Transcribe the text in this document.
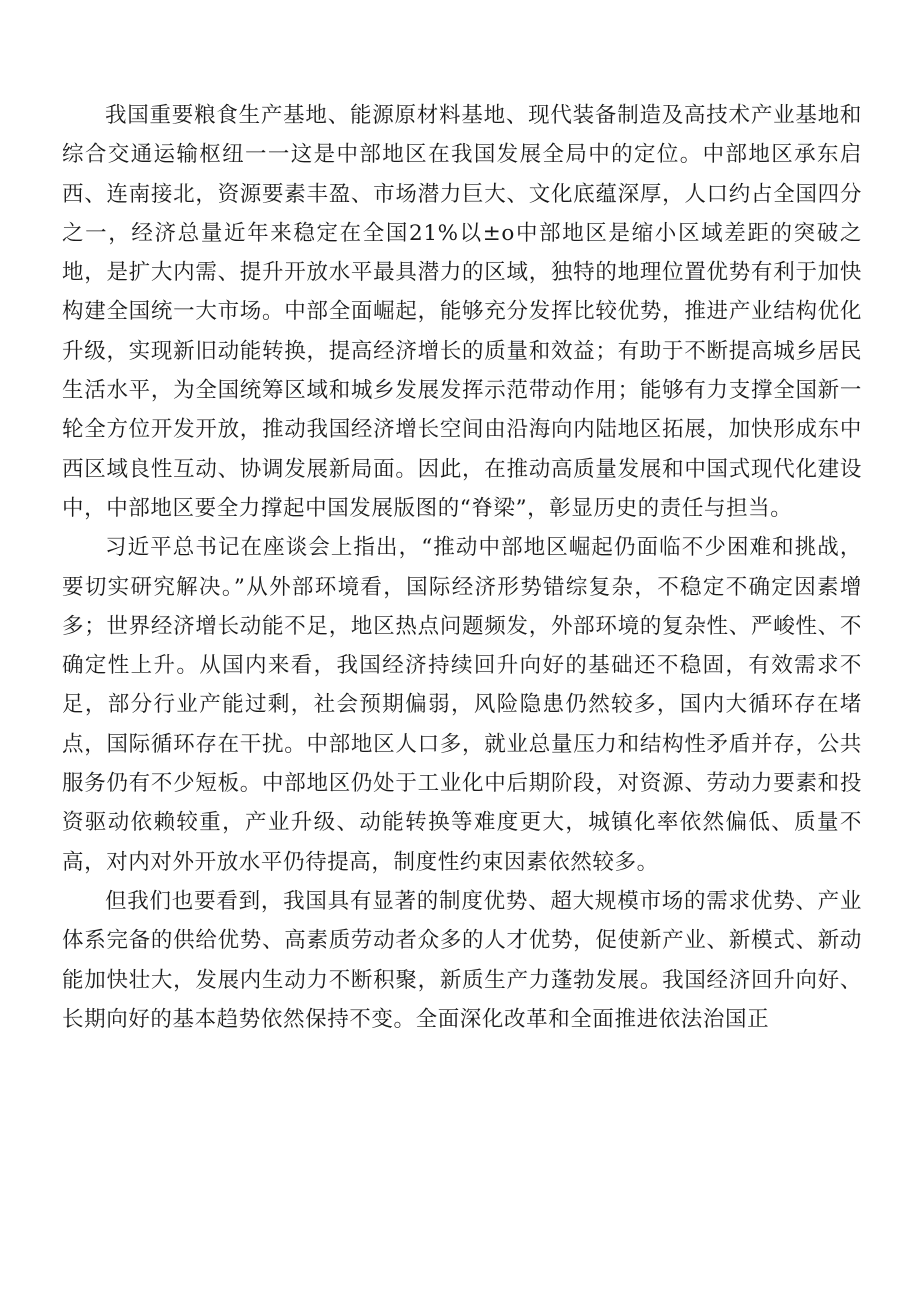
我国重要粮食生产基地、能源原材料基地、现代装备制造及高技术产业基地和综合交通运输枢纽一一这是中部地区在我国发展全局中的定位。中部地区承东启西、连南接北，资源要素丰盈、市场潜力巨大、文化底蕴深厚，人口约占全国四分之一，经济总量近年来稳定在全国21%以±o中部地区是缩小区域差距的突破之地，是扩大内需、提升开放水平最具潜力的区域，独特的地理位置优势有利于加快构建全国统一大市场。中部全面崛起，能够充分发挥比较优势，推进产业结构优化升级，实现新旧动能转换，提高经济增长的质量和效益；有助于不断提高城乡居民生活水平，为全国统筹区域和城乡发展发挥示范带动作用；能够有力支撑全国新一轮全方位开发开放，推动我国经济增长空间由沿海向内陆地区拓展，加快形成东中西区域良性互动、协调发展新局面。因此，在推动高质量发展和中国式现代化建设中，中部地区要全力撑起中国发展版图的“脊梁”，彰显历史的责任与担当。

习近平总书记在座谈会上指出，“推动中部地区崛起仍面临不少困难和挑战，要切实研究解决。”从外部环境看，国际经济形势错综复杂，不稳定不确定因素增多；世界经济增长动能不足，地区热点问题频发，外部环境的复杂性、严峻性、不确定性上升。从国内来看，我国经济持续回升向好的基础还不稳固，有效需求不足，部分行业产能过剩，社会预期偏弱，风险隐患仍然较多，国内大循环存在堵点，国际循环存在干扰。中部地区人口多，就业总量压力和结构性矛盾并存，公共服务仍有不少短板。中部地区仍处于工业化中后期阶段，对资源、劳动力要素和投资驱动依赖较重，产业升级、动能转换等难度更大，城镇化率依然偏低、质量不高，对内对外开放水平仍待提高，制度性约束因素依然较多。

但我们也要看到，我国具有显著的制度优势、超大规模市场的需求优势、产业体系完备的供给优势、高素质劳动者众多的人才优势，促使新产业、新模式、新动能加快壮大，发展内生动力不断积聚，新质生产力蓬勃发展。我国经济回升向好、长期向好的基本趋势依然保持不变。全面深化改革和全面推进依法治国正
